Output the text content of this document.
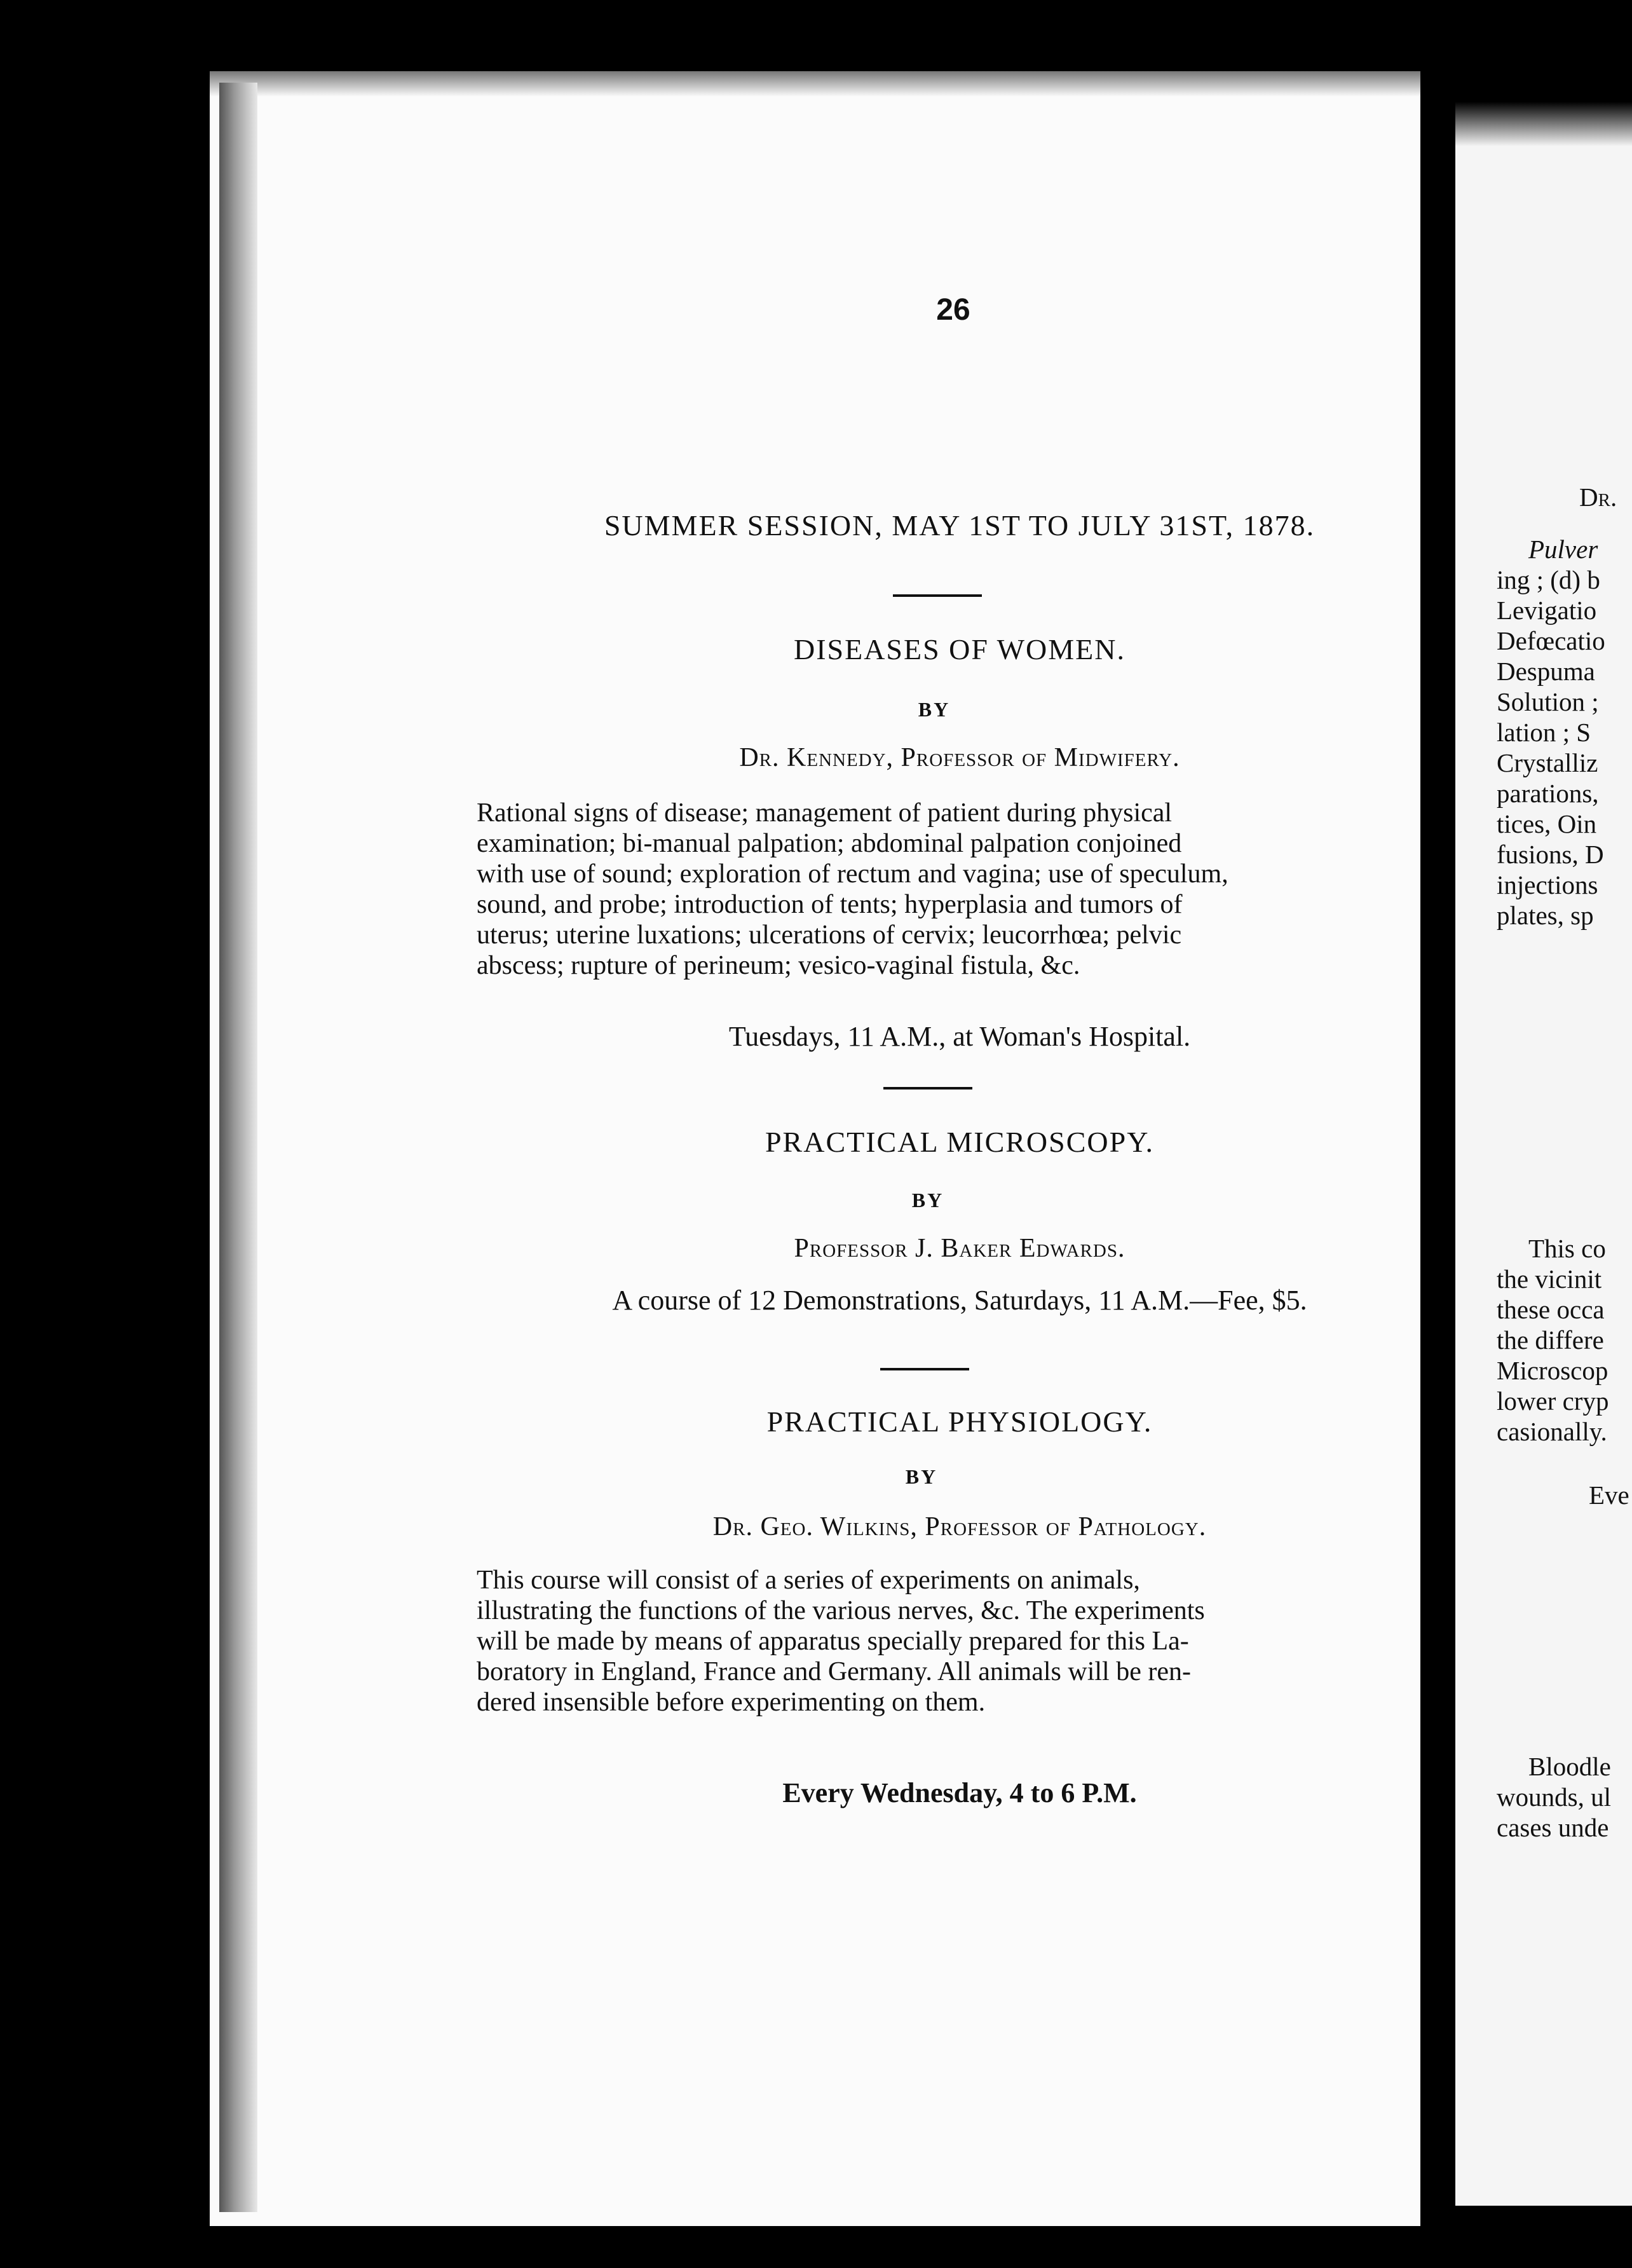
26
SUMMER SESSION, MAY 1ST TO JULY 31ST, 1878.
DISEASES OF WOMEN.
BY
Dr. Kennedy, Professor of Midwifery.
Rational signs of disease; management of patient during physical
examination; bi-manual palpation; abdominal palpation conjoined
with use of sound; exploration of rectum and vagina; use of speculum,
sound, and probe; introduction of tents; hyperplasia and tumors of
uterus; uterine luxations; ulcerations of cervix; leucorrhœa; pelvic
abscess; rupture of perineum; vesico-vaginal fistula, &c.
Tuesdays, 11 A.M., at Woman's Hospital.
PRACTICAL MICROSCOPY.
BY
Professor J. Baker Edwards.
A course of 12 Demonstrations, Saturdays, 11 A.M.—Fee, $5.
PRACTICAL PHYSIOLOGY.
BY
Dr. Geo. Wilkins, Professor of Pathology.
This course will consist of a series of experiments on animals,
illustrating the functions of the various nerves, &c. The experiments
will be made by means of apparatus specially prepared for this La-
boratory in England, France and Germany. All animals will be ren-
dered insensible before experimenting on them.
Every Wednesday, 4 to 6 P.M.
Dr.
Pulver
ing ; (d) b
Levigatio
Defœcatio
Despuma
Solution ;
lation ; S
Crystalliz
parations,
tices, Oin
fusions, D
injections
plates, sp
This co
the vicinit
these occa
the differe
Microscop
lower cryp
casionally.
Eve
Bloodle
wounds, ul
cases unde
